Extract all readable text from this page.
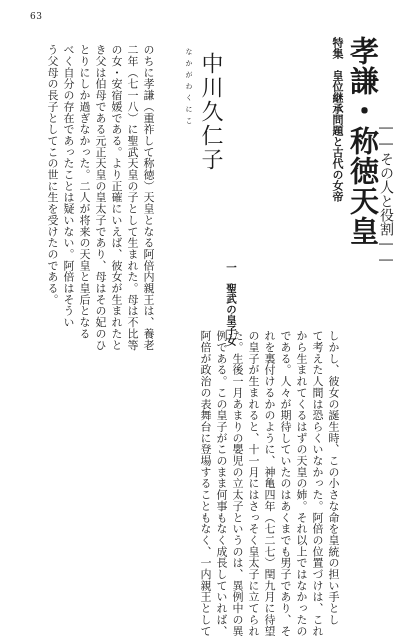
63
特集　皇位継承問題と古代の女帝 孝謙・称徳天皇
――その人と役割――
なかがわくにこ 中川久仁子
一　聖武の皇子女
しかし、彼女の誕生時、この小さな命を皇統の担い手とし
て考えた人間は恐らくいなかった。阿倍の位置づけは、これ
から生まれてくるはずの天皇の姉。それ以上ではなかったの
である。人々が期待していたのはあくまでも男子であり、そ
れを裏付けるかのように、神亀四年（七二七）閏九月に待望
の皇子が生まれると、十一月にはさっそく皇太子に立てられ
た。生後一月あまりの嬰児の立太子というのは、異例中の異
例である。この皇子がこのまま何事もなく成長していれば、
阿倍が政治の表舞台に登場することもなく、一内親王として
のちに孝謙（重祚して称徳）天皇となる阿倍内親王は、養老
二年（七一八）に聖武天皇の子として生まれた。母は不比等
の女・安宿媛である。より正確にいえば、彼女が生まれたと
き父は伯母である元正天皇の皇太子であり、母はその妃のひ
とりにしか過ぎなかった。二人が将来の天皇と皇后となる
べく自分の存在であったことは疑いない。阿倍はそうい
う父母の長子としてこの世に生を受けたのである。
